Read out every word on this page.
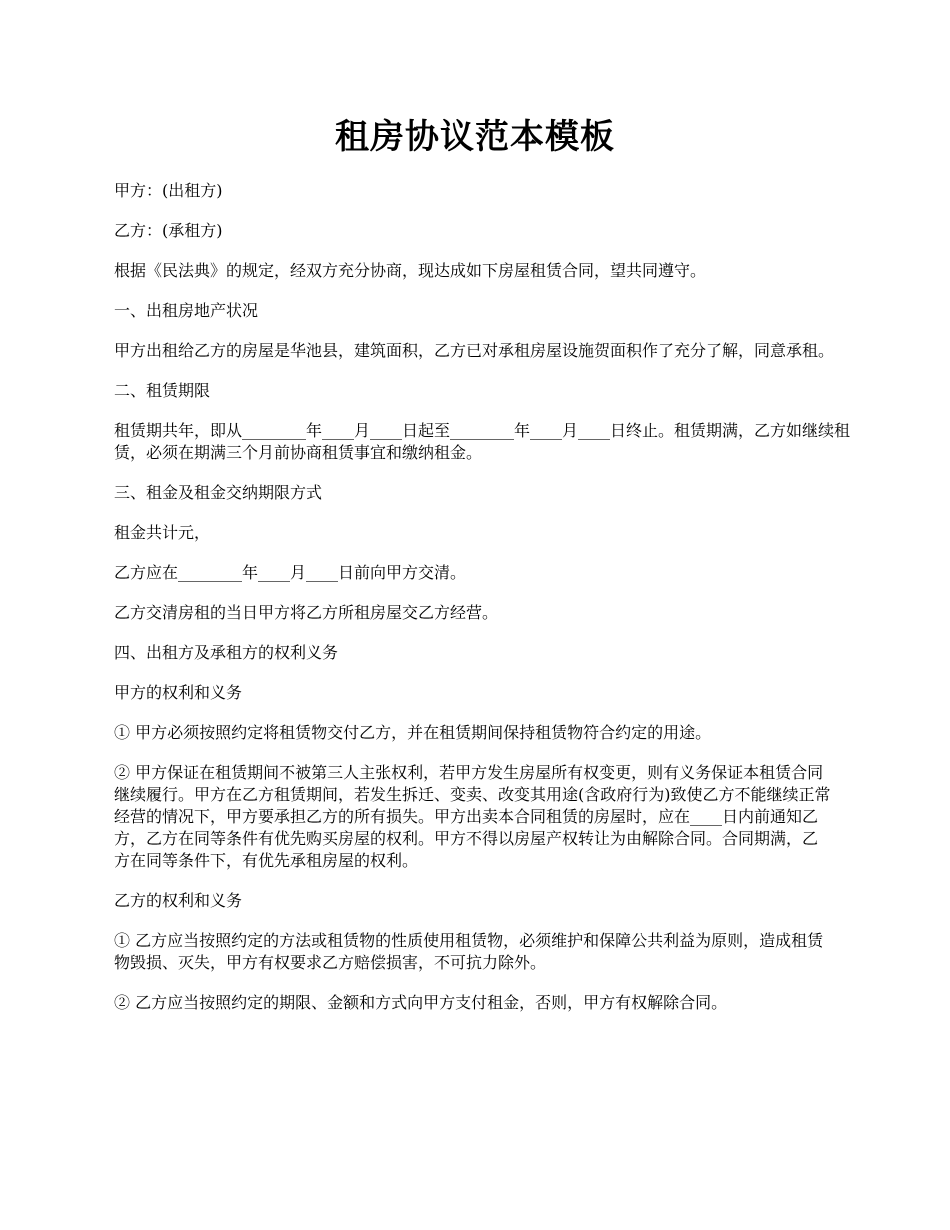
租房协议范本模板

甲方：(出租方)

乙方：(承租方)

根据《民法典》的规定，经双方充分协商，现达成如下房屋租赁合同，望共同遵守。

一、出租房地产状况

甲方出租给乙方的房屋是华池县，建筑面积，乙方已对承租房屋设施贺面积作了充分了解，同意承租。

二、租赁期限

租赁期共年，即从________年____月____日起至________年____月____日终止。租赁期满，乙方如继续租赁，必须在期满三个月前协商租赁事宜和缴纳租金。

三、租金及租金交纳期限方式

租金共计元，

乙方应在________年____月____日前向甲方交清。

乙方交清房租的当日甲方将乙方所租房屋交乙方经营。

四、出租方及承租方的权利义务

甲方的权利和义务

① 甲方必须按照约定将租赁物交付乙方，并在租赁期间保持租赁物符合约定的用途。

② 甲方保证在租赁期间不被第三人主张权利，若甲方发生房屋所有权变更，则有义务保证本租赁合同继续履行。甲方在乙方租赁期间，若发生拆迁、变卖、改变其用途(含政府行为)致使乙方不能继续正常经营的情况下，甲方要承担乙方的所有损失。甲方出卖本合同租赁的房屋时，应在____日内前通知乙方，乙方在同等条件有优先购买房屋的权利。甲方不得以房屋产权转让为由解除合同。合同期满，乙方在同等条件下，有优先承租房屋的权利。

乙方的权利和义务

① 乙方应当按照约定的方法或租赁物的性质使用租赁物，必须维护和保障公共利益为原则，造成租赁物毁损、灭失，甲方有权要求乙方赔偿损害，不可抗力除外。

② 乙方应当按照约定的期限、金额和方式向甲方支付租金，否则，甲方有权解除合同。
